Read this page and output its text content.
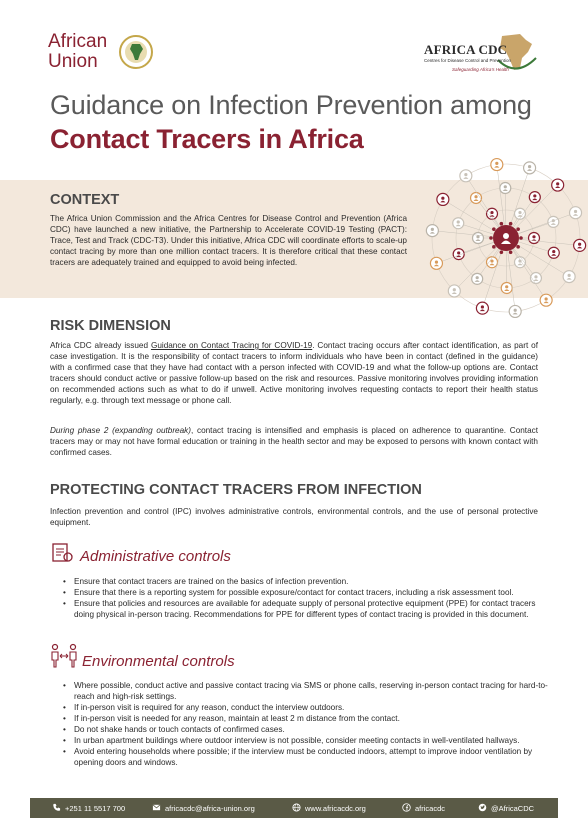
African
Union
AFRICA CDC
Centres for Disease Control and Prevention
Safeguarding Africa's Health
Guidance on Infection Prevention among
Contact Tracers in Africa
CONTEXT
The Africa Union Commission and the Africa Centres for Disease Control and Prevention (Africa CDC) have launched a new initiative, the Partnership to Accelerate COVID-19 Testing (PACT): Trace, Test and Track (CDC-T3). Under this initiative, Africa CDC will coordinate efforts to scale-up contact tracing by more than one million contact tracers. It is therefore critical that these contact tracers are adequately trained and equipped to avoid being infected.
RISK DIMENSION
Africa CDC already issued Guidance on Contact Tracing for COVID-19. Contact tracing occurs after contact identification, as part of case investigation. It is the responsibility of contact tracers to inform individuals who have been in contact (defined in the guidance) with a confirmed case that they have had contact with a person infected with COVID-19 and what the follow-up options are. Contact tracers should conduct active or passive follow-up based on the risk and resources. Passive monitoring involves providing information on recommended actions such as what to do if unwell. Active monitoring involves requesting contacts to report their health status regularly, e.g. through text message or phone call.
During phase 2 (expanding outbreak), contact tracing is intensified and emphasis is placed on adherence to quarantine. Contact tracers may or may not have formal education or training in the health sector and may be exposed to persons with known contact with confirmed cases.
PROTECTING CONTACT TRACERS FROM INFECTION
Infection prevention and control (IPC) involves administrative controls, environmental controls, and the use of personal protective equipment.
Administrative controls
• Ensure that contact tracers are trained on the basics of infection prevention.
• Ensure that there is a reporting system for possible exposure/contact for contact tracers, including a risk assessment tool.
• Ensure that policies and resources are available for adequate supply of personal protective equipment (PPE) for contact tracers doing physical in-person tracing. Recommendations for PPE for different types of contact tracing is provided in this document.
Environmental controls
• Where possible, conduct active and passive contact tracing via SMS or phone calls, reserving in-person contact tracing for hard-to-reach and high-risk settings.
• If in-person visit is required for any reason, conduct the interview outdoors.
• If in-person visit is needed for any reason, maintain at least 2 m distance from the contact.
• Do not shake hands or touch contacts of confirmed cases.
• In urban apartment buildings where outdoor interview is not possible, consider meeting contacts in well-ventilated hallways.
• Avoid entering households where possible; if the interview must be conducted indoors, attempt to improve indoor ventilation by opening doors and windows.
+251 11 5517 700	africacdc@africa-union.org	www.africacdc.org	africacdc	@AfricaCDC
